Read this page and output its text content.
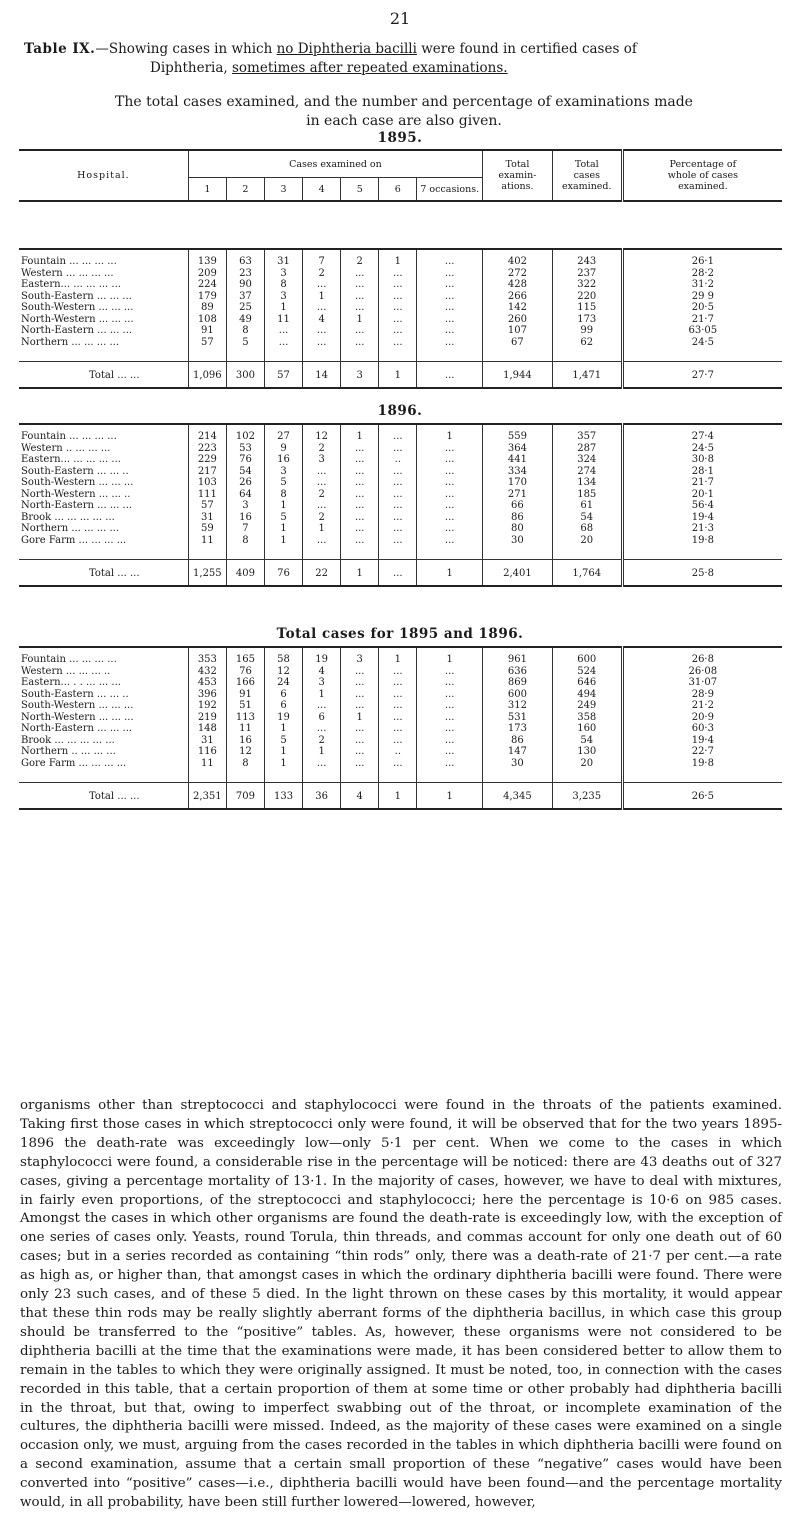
21
Table IX.—Showing cases in which no Diphtheria bacilli were found in certified cases of
Diphtheria, sometimes after repeated examinations.
The total cases examined, and the number and percentage of examinations made
in each case are also given.
1895.
Hospital.	Cases examined on							Total
examin-
ations.	Total
cases
examined.	Percentage of
whole of cases
examined.
	1	2	3	4	5	6	7 occasions.			

Fountain ... ... ... ...	139	63	31	7	2	1	...	402	243	26·1
Western ... ... ... ...	209	23	3	2	...	...	...	272	237	28·2
Eastern... ... ... ... ...	224	90	8	...	...	...	...	428	322	31·2
South-Eastern ... ... ...	179	37	3	1	...	...	...	266	220	29 9
South-Western ... ... ...	89	25	1	...	...	...	...	142	115	20·5
North-Western ... ... ...	108	49	11	4	1	...	...	260	173	21·7
North-Eastern ... ... ...	91	8	...	...	...	...	...	107	99	63·05
Northern ... ... ... ...	57	5	...	...	...	...	...	67	62	24·5

Total ... ...	1,096	300	57	14	3	1	...	1,944	1,471	27·7
1896.

Fountain ... ... ... ...	214	102	27	12	1	...	1	559	357	27·4
Western .. ... ... ...	223	53	9	2	...	...	...	364	287	24·5
Eastern... ... ... ... ...	229	76	16	3	...	..	...	441	324	30·8
South-Eastern ... ... ..	217	54	3	...	...	...	...	334	274	28·1
South-Western ... ... ...	103	26	5	...	...	...	...	170	134	21·7
North-Western ... ... ..	111	64	8	2	...	...	...	271	185	20·1
North-Eastern ... ... ...	57	3	1	...	...	...	...	66	61	56·4
Brook ... ... ... ... ...	31	16	5	2	...	...	...	86	54	19·4
Northern ... ... ... ...	59	7	1	1	...	...	...	80	68	21·3
Gore Farm ... ... ... ...	11	8	1	...	...	...	...	30	20	19·8

Total ... ...	1,255	409	76	22	1	...	1	2,401	1,764	25·8
Total cases for 1895 and 1896.

Fountain ... ... ... ...	353	165	58	19	3	1	1	961	600	26·8
Western ... ... ... ..	432	76	12	4	...	...	...	636	524	26·08
Eastern... . . ... ... ...	453	166	24	3	...	...	...	869	646	31·07
South-Eastern ... ... ..	396	91	6	1	...	...	...	600	494	28·9
South-Western ... ... ...	192	51	6	...	...	...	...	312	249	21·2
North-Western ... ... ...	219	113	19	6	1	...	...	531	358	20·9
North-Eastern ... ... ...	148	11	1	...	...	...	...	173	160	60·3
Brook ... ... ... ... ...	31	16	5	2	...	...	...	86	54	19·4
Northern .. ... ... ...	116	12	1	1	...	..	...	147	130	22·7
Gore Farm ... ... ... ...	11	8	1	...	...	...	...	30	20	19·8

Total ... ...	2,351	709	133	36	4	1	1	4,345	3,235	26·5
organisms other than streptococci and staphylococci were found in the throats of the patients examined. Taking first those cases in which streptococci only were found, it will be observed that for the two years 1895-1896 the death-rate was exceedingly low—only 5·1 per cent. When we come to the cases in which staphylococci were found, a considerable rise in the percentage will be noticed: there are 43 deaths out of 327 cases, giving a percentage mortality of 13·1. In the majority of cases, however, we have to deal with mixtures, in fairly even proportions, of the streptococci and staphylococci; here the percentage is 10·6 on 985 cases. Amongst the cases in which other organisms are found the death-rate is exceedingly low, with the exception of one series of cases only. Yeasts, round Torula, thin threads, and commas account for only one death out of 60 cases; but in a series recorded as containing “thin rods” only, there was a death-rate of 21·7 per cent.—a rate as high as, or higher than, that amongst cases in which the ordinary diphtheria bacilli were found. There were only 23 such cases, and of these 5 died. In the light thrown on these cases by this mortality, it would appear that these thin rods may be really slightly aberrant forms of the diphtheria bacillus, in which case this group should be transferred to the “positive” tables. As, however, these organisms were not considered to be diphtheria bacilli at the time that the examinations were made, it has been considered better to allow them to remain in the tables to which they were originally assigned. It must be noted, too, in connection with the cases recorded in this table, that a certain proportion of them at some time or other probably had diphtheria bacilli in the throat, but that, owing to imperfect swabbing out of the throat, or incomplete examination of the cultures, the diphtheria bacilli were missed. Indeed, as the majority of these cases were examined on a single occasion only, we must, arguing from the cases recorded in the tables in which diphtheria bacilli were found on a second examination, assume that a certain small proportion of these “negative” cases would have been converted into “positive” cases—i.e., diphtheria bacilli would have been found—and the percentage mortality would, in all probability, have been still further lowered—lowered, however,
